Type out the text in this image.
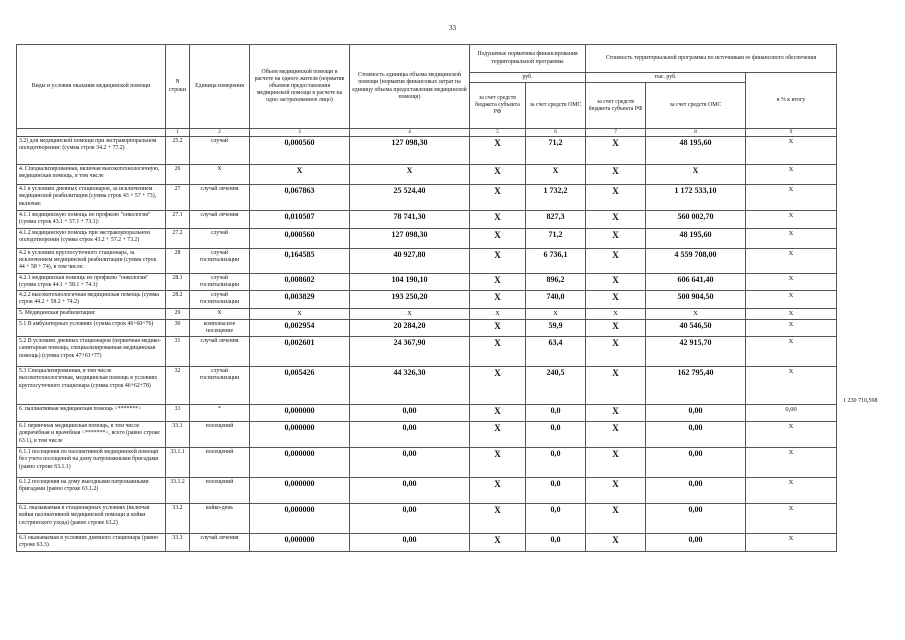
33
Виды и условия оказания медицинской помощи	N строки	Единица измерения	Объем медицинской помощи в расчете на одного жителя (норматив объемов предоставления медицинской помощи в расчете на одно застрахованное лицо)	Стоимость единицы объема медицинской помощи (норматив финансовых затрат на единицу объема предоставления медицинской помощи)	Подушевые нормативы финансирования территориальной программы		Стоимость территориальной программы по источникам ее финансового обеспечения		
					руб.		тыс. руб.		в % к итогу
					за счет средств бюджета субъекта РФ	за счет средств ОМС	за счет средств бюджета субъекта РФ	за счет средств ОМС	
	1	2	3	4	5	6	7	8	9
3.2) для медицинской помощи при экстракорпоральном оплодотворении: (сумма строк 34.2 + 77.2)	25.2	случай	0,000560	127 098,30	X	71,2	X	48 195,60	X
4. Специализированная, включая высокотехнологичную, медицинская помощь, в том числе	26	X	X	X	X	X	X	X	X
4.1 в условиях дневных стационаров, за исключением медицинской реабилитации (сумма строк 43 + 57 + 73), включая:	27	случай лечения	0,067863	25 524,40	X	1 732,2	X	1 172 533,10	X
4.1.1 медицинскую помощь по профилю "онкология" (сумма строк 43.1 + 57.1 + 73.1):	27.1	случай лечения	0,010507	78 741,30	X	827,3	X	560 002,70	X
4.1.2 медицинскую помощь при экстракорпоральном оплодотворении (сумма строк 43.2 + 57.2 + 73.2)	27.2	случай	0,000560	127 098,30	X	71,2	X	48 195,60	X
4.2 в условиях круглосуточного стационара, за исключением медицинской реабилитации (сумма строк 44 + 58 + 74), в том числе:	28	случай госпитализации	0,164585	40 927,80	X	6 736,1	X	4 559 708,00	X
4.2.1 медицинская помощь по профилю "онкология" (сумма строк 44.1 + 58.1 + 74.1)	28.1	случай госпитализации	0,008602	104 190,10	X	896,2	X	606 641,40	X
4.2.2 высокотехнологичная медицинская помощь (сумма строк 44.2 + 58.2 + 74.2)	28.2	случай госпитализации	0,003829	193 250,20	X	740,0	X	500 904,50	X
5. Медицинская реабилитация:	29	X	X	X	X	X	X	X	X
5.1 В амбулаторных условиях (сумма строк 46+60+76)	30	комплексное посещение	0,002954	20 284,20	X	59,9	X	40 546,50	X
5.2 В условиях дневных стационаров (первичная медико-санитарная помощь, специализированная медицинская помощь) (сумма строк 47+61+77)	31	случай лечения	0,002601	24 367,90	X	63,4	X	42 915,70	X
5.3 Специализированная, в том числе высокотехнологичная, медицинская помощь в условиях круглосуточного стационара (сумма строк 46+62+78)	32	случай госпитализации	0,005426	44 326,30	X	240,5	X	162 795,40	X
6. паллиативная медицинская помощь <*******>	33	*	0,000000	0,00	X	0,0	X	0,00	0,00
6.1 первичная медицинская помощь, в том числе доврачебная и врачебная <*******>, всего (равно строке 63.1), в том числе	33.1	посещений	0,000000	0,00	X	0,0	X	0,00	X
6.1.1 посещения по паллиативной медицинской помощи без учета посещений на дому патронажными бригадами (равно строке 63.1.1)	33.1.1	посещений	0,000000	0,00	X	0,0	X	0,00	X
6.1.2 посещения на дому выездными патронажными бригадами (равно строке 63.1.2)	33.1.2	посещений	0,000000	0,00	X	0,0	X	0,00	X
6.2. оказываемая в стационарных условиях (включая койки паллиативной медицинской помощи и койки сестринского ухода) (равно строке 63.2)	33.2	койко-день	0,000000	0,00	X	0,0	X	0,00	X
6.3 оказываемая в условиях дневного стационара (равно строке 63.3)	33.3	случай лечения	0,000000	0,00	X	0,0	X	0,00	X
1 230 710,598
